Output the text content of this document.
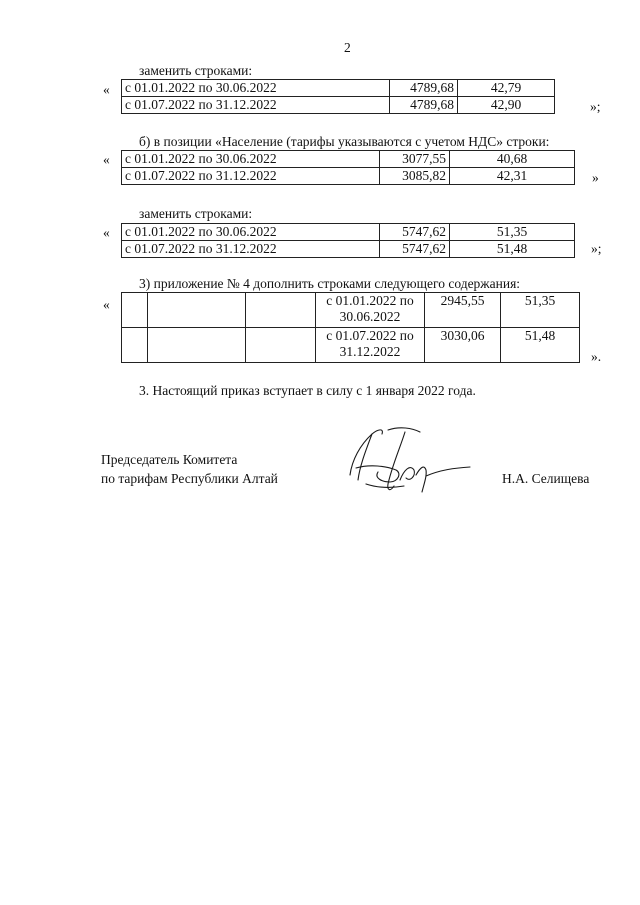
2
заменить строками:
« с 01.01.2022 по 30.06.2022	4789,68	42,79
с 01.07.2022 по 31.12.2022	4789,68	42,90	»;
б) в позиции «Население (тарифы указываются с учетом НДС» строки:
« с 01.01.2022 по 30.06.2022	3077,55	40,68
с 01.07.2022 по 31.12.2022	3085,82	42,31	»
заменить строками:
« с 01.01.2022 по 30.06.2022	5747,62	51,35
с 01.07.2022 по 31.12.2022	5747,62	51,48	»;
3) приложение № 4 дополнить строками следующего содержания:
«

			с 01.01.2022 по
30.06.2022	2945,55	51,35

			с 01.07.2022 по
31.12.2022	3030,06	51,48
».
3. Настоящий приказ вступает в силу с 1 января 2022 года.
Председатель Комитета
по тарифам Республики Алтай	Н.А. Селищева
